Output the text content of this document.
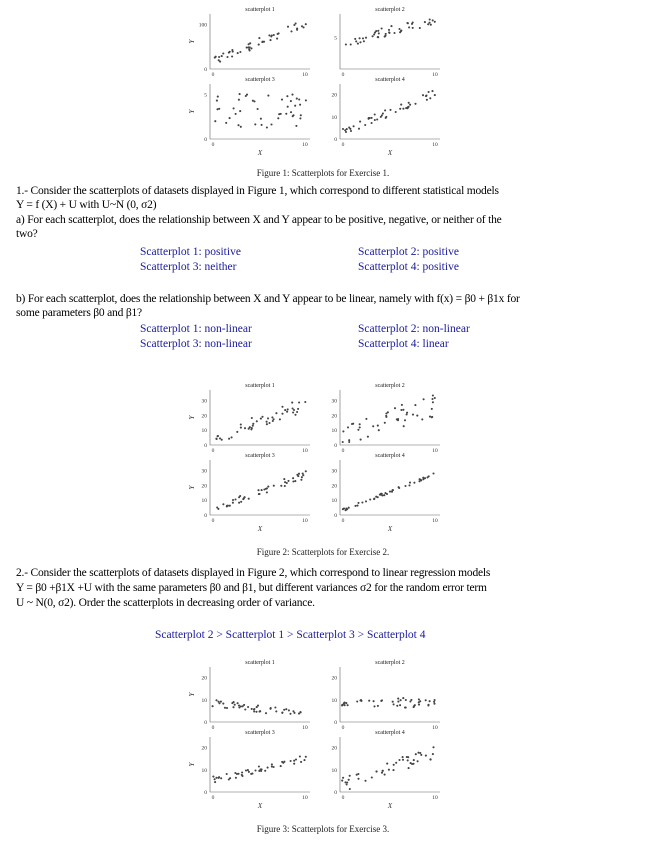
scatterplot 1
0
100
0	10
Y
scatterplot 2
5
0	10
scatterplot 3
0
5
0	10
Y
X
scatterplot 4
0
10
20
0	10
X
Figure 1: Scatterplots for Exercise 1.
1.- Consider the scatterplots of datasets displayed in Figure 1, which correspond to different statistical models
Y = f (X) + U with U~N (0, σ2)
a) For each scatterplot, does the relationship between X and Y appear to be positive, negative, or neither of the
two?
Scatterplot 1: positive	Scatterplot 2: positive
Scatterplot 3: neither	Scatterplot 4: positive
b) For each scatterplot, does the relationship between X and Y appear to be linear, namely with f(x) = β0 + β1x for
some parameters β0 and β1?
Scatterplot 1: non-linear	Scatterplot 2: non-linear
Scatterplot 3: non-linear	Scatterplot 4: linear
scatterplot 1
0
10
20
30
0	10
Y
scatterplot 2
0
10
20
30
0	10
scatterplot 3
0
10
20
30
0	10
Y
X
scatterplot 4
0
10
20
30
0	10
X
Figure 2: Scatterplots for Exercise 2.
2.- Consider the scatterplots of datasets displayed in Figure 2, which correspond to linear regression models
Y = β0 +β1X +U with the same parameters β0 and β1, but different variances σ2 for the random error term
U ~ N(0, σ2). Order the scatterplots in decreasing order of variance.
Scatterplot 2 > Scatterplot 1 > Scatterplot 3 > Scatterplot 4
scatterplot 1
0
10
20
0	10
Y
scatterplot 2
0
10
20
0	10
scatterplot 3
0
10
20
0	10
Y
X
scatterplot 4
0
10
20
0	10
X
Figure 3: Scatterplots for Exercise 3.
